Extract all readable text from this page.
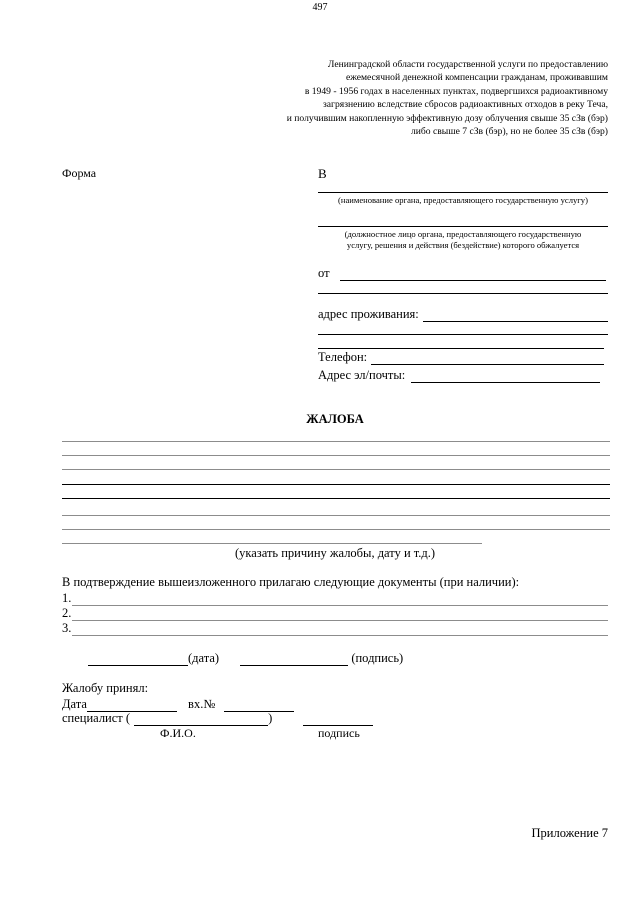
497
Ленинградской области государственной услуги по предоставлению
ежемесячной денежной компенсации гражданам, проживавшим
в 1949 - 1956 годах в населенных пунктах, подвергшихся радиоактивному
загрязнению вследствие сбросов радиоактивных отходов в реку Теча,
и получившим накопленную эффективную дозу облучения свыше 35 сЗв (бэр)
либо свыше 7 сЗв (бэр), но не более 35 сЗв (бэр)
Форма	В
(наименование органа, предоставляющего государственную услугу)
(должностное лицо органа, предоставляющего государственную
услугу, решения и действия (бездействие) которого обжалуется
от
адрес проживания:
Телефон:
Адрес эл/почты:
ЖАЛОБА
(указать причину жалобы, дату и т.д.)
В подтверждение вышеизложенного прилагаю следующие документы (при наличии):
1.
2.
3.
(дата)	(подпись)
Жалобу принял:
Дата	вх.№
специалист (	)
Ф.И.О.	подпись
Приложение 7
